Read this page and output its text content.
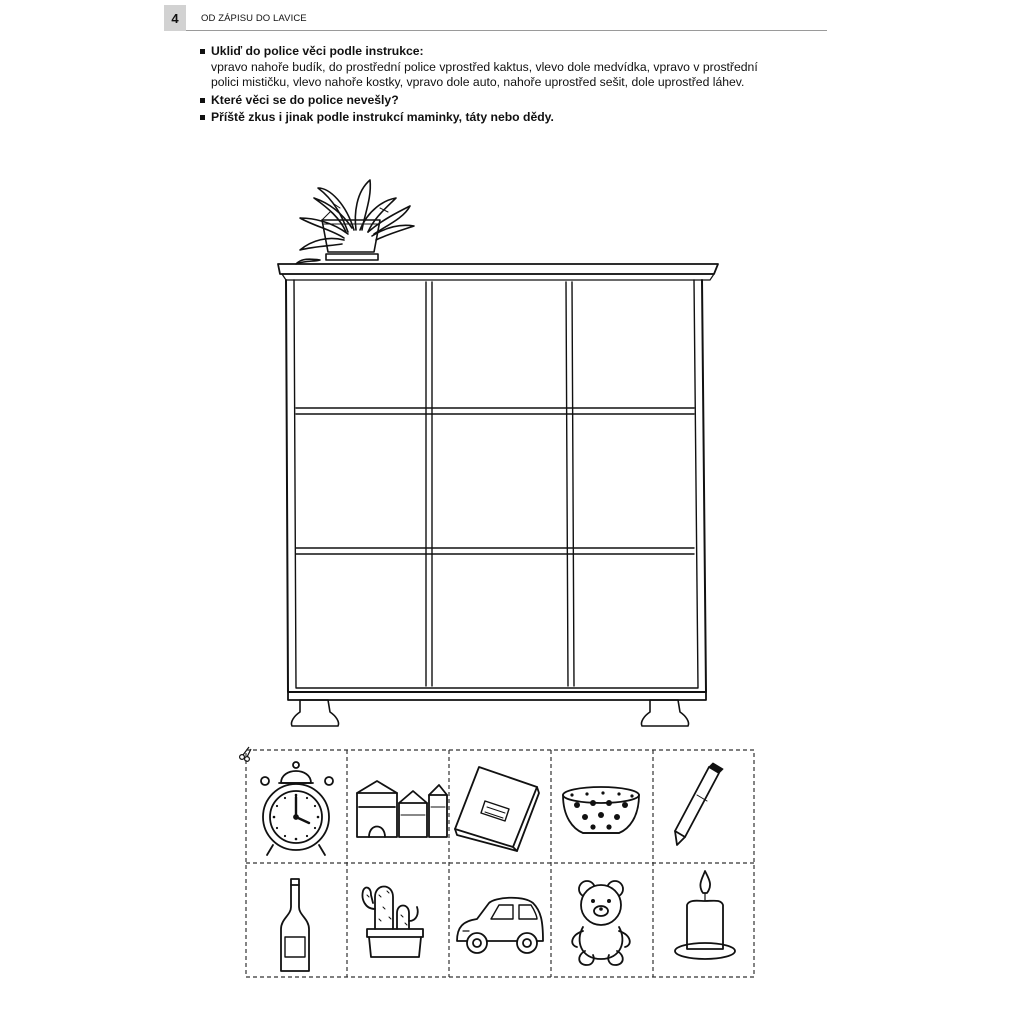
4	OD ZÁPISU DO LAVICE
Ukliď do police věci podle instrukce:
vpravo nahoře budík, do prostřední police vprostřed kaktus, vlevo dole medvídka, vpravo v prostřední
polici mističku, vlevo nahoře kostky, vpravo dole auto, nahoře uprostřed sešit, dole uprostřed láhev.
Které věci se do police nevešly?
Příště zkus i jinak podle instrukcí maminky, táty nebo dědy.
